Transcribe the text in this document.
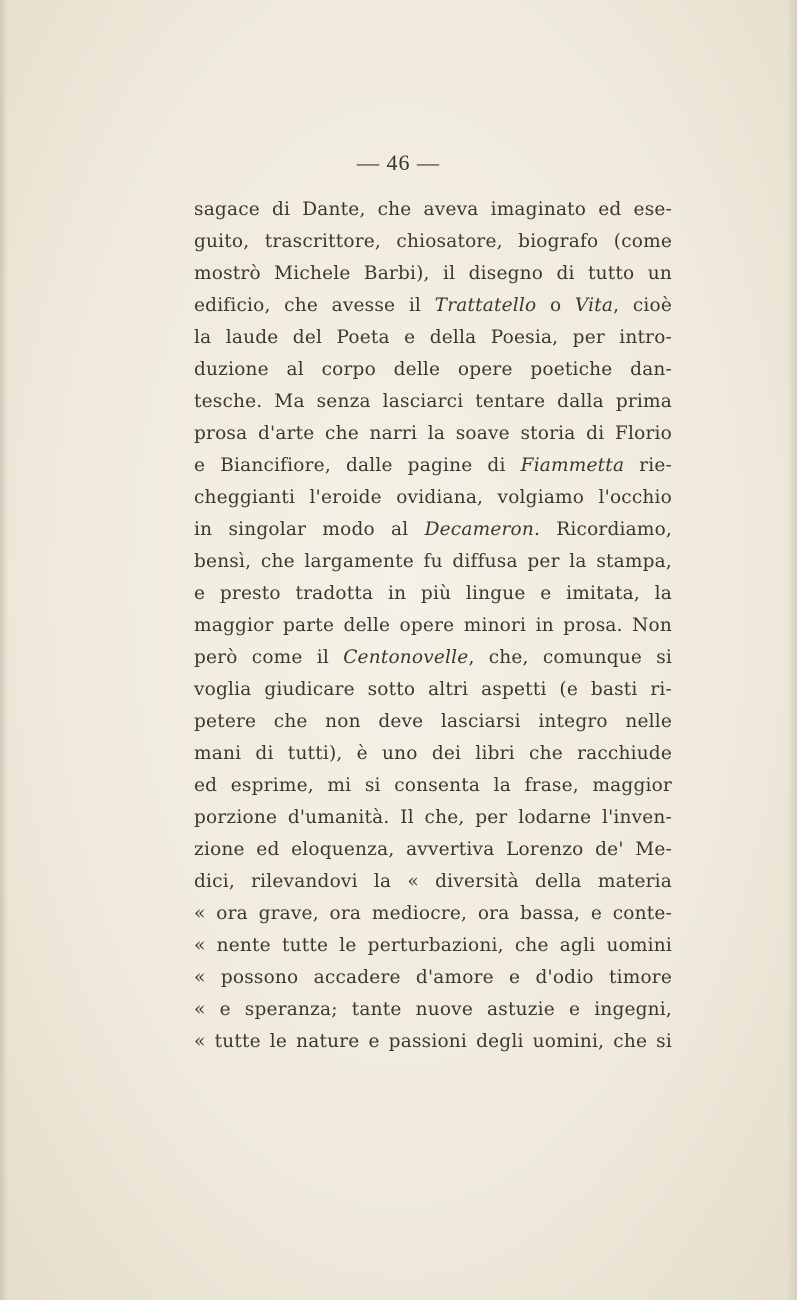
— 46 —
sagace di Dante, che aveva imaginato ed ese-
guito, trascrittore, chiosatore, biografo (come
mostrò Michele Barbi), il disegno di tutto un
edificio, che avesse il Trattatello o Vita, cioè
la laude del Poeta e della Poesia, per intro-
duzione al corpo delle opere poetiche dan-
tesche. Ma senza lasciarci tentare dalla prima
prosa d'arte che narri la soave storia di Florio
e Biancifiore, dalle pagine di Fiammetta rie-
cheggianti l'eroide ovidiana, volgiamo l'occhio
in singolar modo al Decameron. Ricordiamo,
bensì, che largamente fu diffusa per la stampa,
e presto tradotta in più lingue e imitata, la
maggior parte delle opere minori in prosa. Non
però come il Centonovelle, che, comunque si
voglia giudicare sotto altri aspetti (e basti ri-
petere che non deve lasciarsi integro nelle
mani di tutti), è uno dei libri che racchiude
ed esprime, mi si consenta la frase, maggior
porzione d'umanità. Il che, per lodarne l'inven-
zione ed eloquenza, avvertiva Lorenzo de' Me-
dici, rilevandovi la « diversità della materia
« ora grave, ora mediocre, ora bassa, e conte-
« nente tutte le perturbazioni, che agli uomini
« possono accadere d'amore e d'odio timore
« e speranza; tante nuove astuzie e ingegni,
« tutte le nature e passioni degli uomini, che si
